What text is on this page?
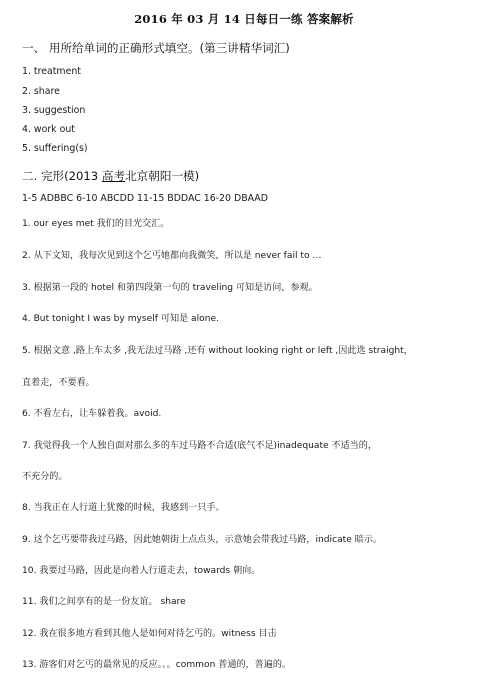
2016 年 03 月 14 日每日一练 答案解析
一、 用所给单词的正确形式填空。(第三讲精华词汇)
1. treatment
2. share
3. suggestion
4. work out
5. suffering(s)
二. 完形(2013 高考北京朝阳一模)
1-5 ADBBC 6-10 ABCDD 11-15 BDDAC 16-20 DBAAD
1. our eyes met 我们的目光交汇。
2. 从下文知，我每次见到这个乞丐她都向我微笑，所以是 never fail to …
3. 根据第一段的 hotel 和第四段第一句的 traveling 可知是访问，参观。
4. But tonight I was by myself 可知是 alone.
5. 根据文意 ,路上车太多 ,我无法过马路 ,还有 without looking right or left ,因此选 straight，
直着走，不要看。
6. 不看左右，让车躲着我。avoid.
7. 我觉得我一个人独自面对那么多的车过马路不合适(底气不足)inadequate 不适当的，
不充分的。
8. 当我正在人行道上犹豫的时候，我感到一只手。
9. 这个乞丐要带我过马路，因此她朝街上点点头，示意她会带我过马路，indicate 暗示。
10. 我要过马路，因此是向着人行道走去，towards 朝向。
11. 我们之间享有的是一份友谊。 share
12. 我在很多地方看到其他人是如何对待乞丐的。witness 目击
13. 游客们对乞丐的最常见的反应。。。common 普通的，普遍的。
